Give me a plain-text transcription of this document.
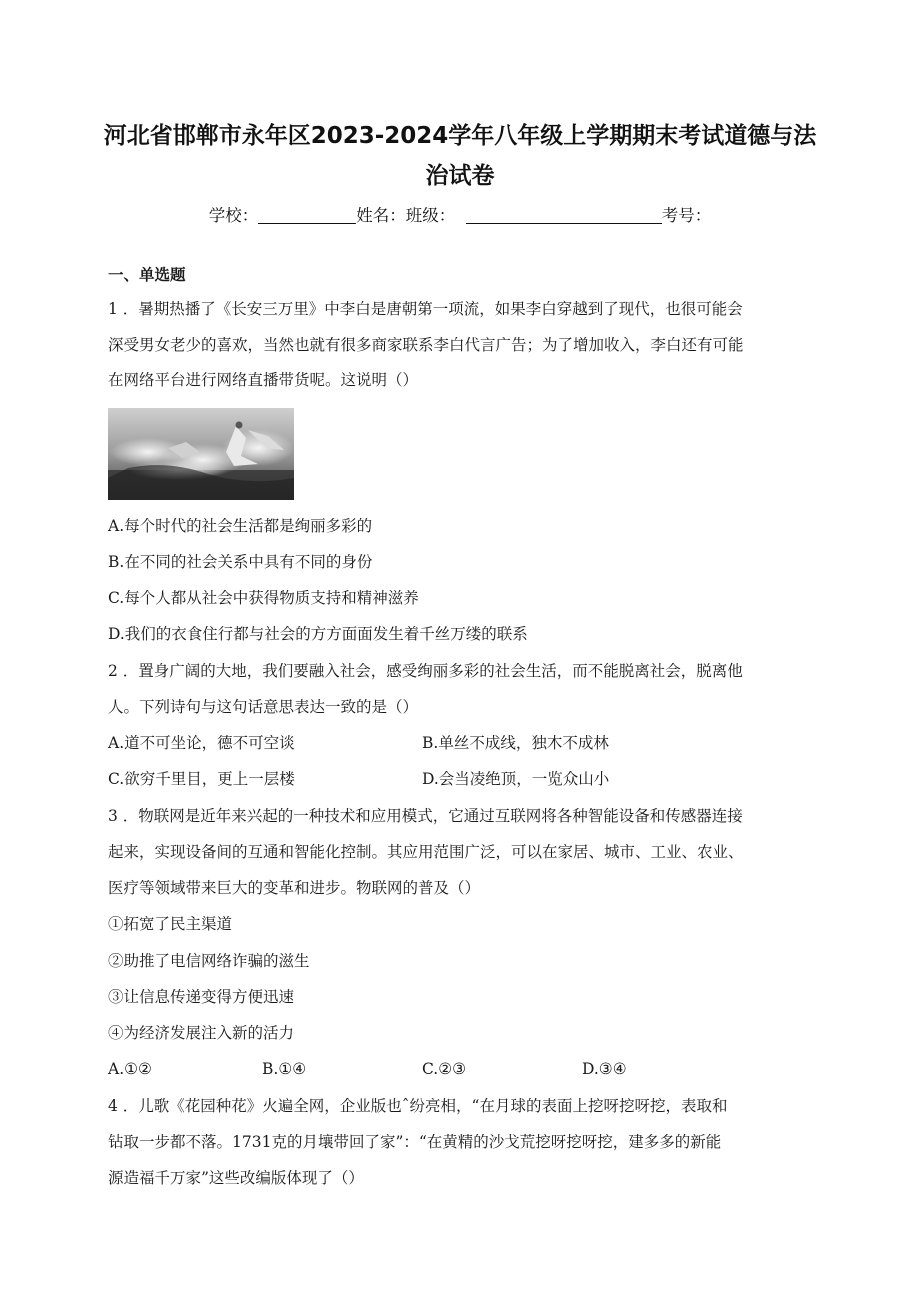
河北省邯郸市永年区2023-2024学年八年级上学期期末考试道德与法
治试卷
学校：	姓名：班级：	考号：
一、单选题
1 ．暑期热播了《长安三万里》中李白是唐朝第一项流，如果李白穿越到了现代，也很可能会
深受男女老少的喜欢，当然也就有很多商家联系李白代言广告；为了增加收入，李白还有可能
在网络平台进行网络直播带货呢。这说明（）
A.每个时代的社会生活都是绚丽多彩的
B.在不同的社会关系中具有不同的身份
C.每个人都从社会中获得物质支持和精神滋养
D.我们的衣食住行都与社会的方方面面发生着千丝万缕的联系
2 ．置身广阔的大地，我们要融入社会，感受绚丽多彩的社会生活，而不能脱离社会，脱离他
人。下列诗句与这句话意思表达一致的是（）
A.道不可坐论，德不可空谈	B.单丝不成线，独木不成林
C.欲穷千里目，更上一层楼	D.会当凌绝顶，一览众山小
3 ．物联网是近年来兴起的一种技术和应用模式，它通过互联网将各种智能设备和传感器连接
起来，实现设备间的互通和智能化控制。其应用范围广泛，可以在家居、城市、工业、农业、
医疗等领域带来巨大的变革和进步。物联网的普及（）
①拓宽了民主渠道
②助推了电信网络诈骗的滋生
③让信息传递变得方便迅速
④为经济发展注入新的活力
A.①②	B.①④	C.②③	D.③④
4 ．儿歌《花园种花》火遍全网，企业版也ˆ纷亮相，“在月球的表面上挖呀挖呀挖，表取和
钻取一步都不落。1731克的月壤带回了家”：“在黄精的沙戈荒挖呀挖呀挖，建多多的新能
源造福千万家”这些改编版体现了（）
